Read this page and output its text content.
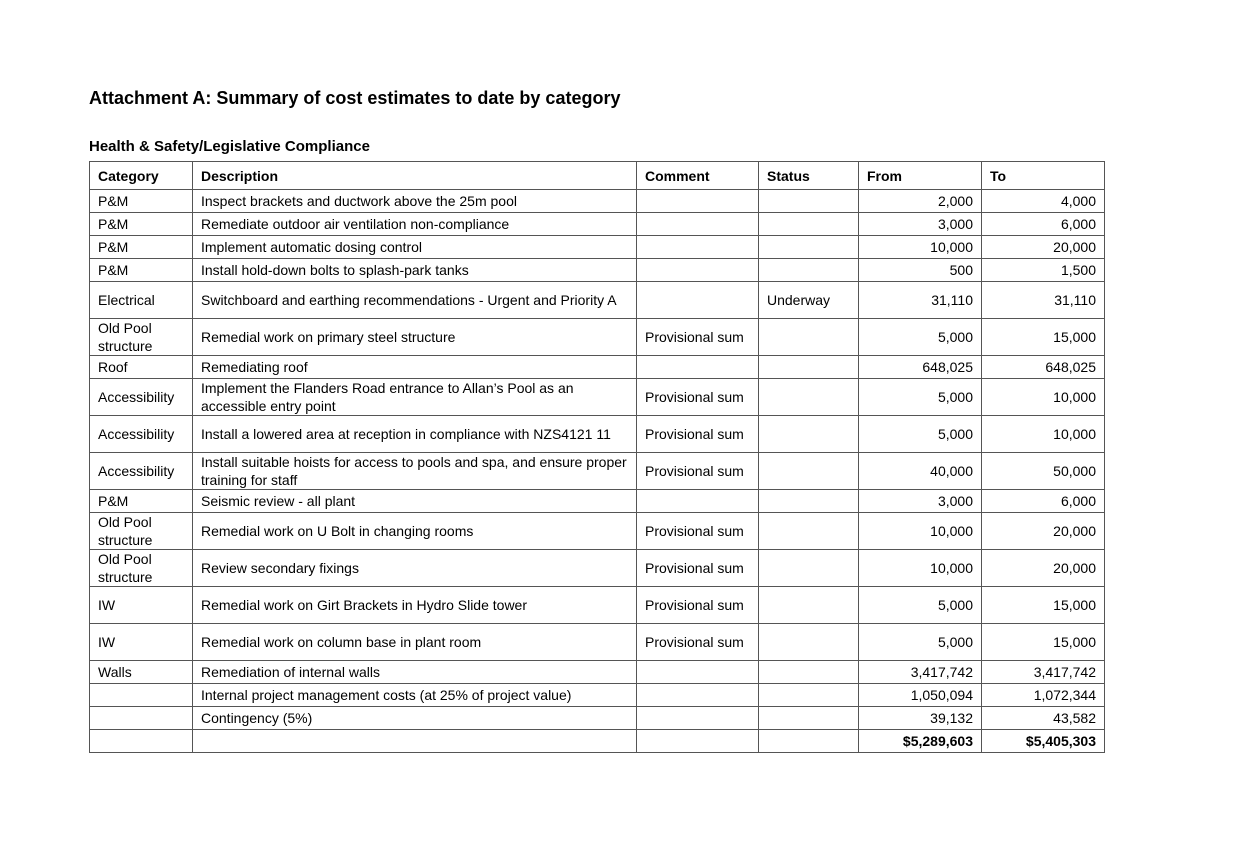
Attachment A: Summary of cost estimates to date by category
Health & Safety/Legislative Compliance
Category	Description	Comment	Status	From	To
P&M	Inspect brackets and ductwork above the 25m pool			2,000	4,000
P&M	Remediate outdoor air ventilation non-compliance			3,000	6,000
P&M	Implement automatic dosing control			10,000	20,000
P&M	Install hold-down bolts to splash-park tanks			500	1,500
Electrical	Switchboard and earthing recommendations - Urgent and Priority A		Underway	31,110	31,110
Old Pool structure	Remedial work on primary steel structure	Provisional sum		5,000	15,000
Roof	Remediating roof			648,025	648,025
Accessibility	Implement the Flanders Road entrance to Allan’s Pool as an accessible entry point	Provisional sum		5,000	10,000
Accessibility	Install a lowered area at reception in compliance with NZS4121 11	Provisional sum		5,000	10,000
Accessibility	Install suitable hoists for access to pools and spa, and ensure proper training for staff	Provisional sum		40,000	50,000
P&M	Seismic review - all plant			3,000	6,000
Old Pool structure	Remedial work on U Bolt in changing rooms	Provisional sum		10,000	20,000
Old Pool structure	Review secondary fixings	Provisional sum		10,000	20,000
IW	Remedial work on Girt Brackets in Hydro Slide tower	Provisional sum		5,000	15,000
IW	Remedial work on column base in plant room	Provisional sum		5,000	15,000
Walls	Remediation of internal walls			3,417,742	3,417,742
	Internal project management costs (at 25% of project value)			1,050,094	1,072,344
	Contingency (5%)			39,132	43,582
				$5,289,603	$5,405,303
